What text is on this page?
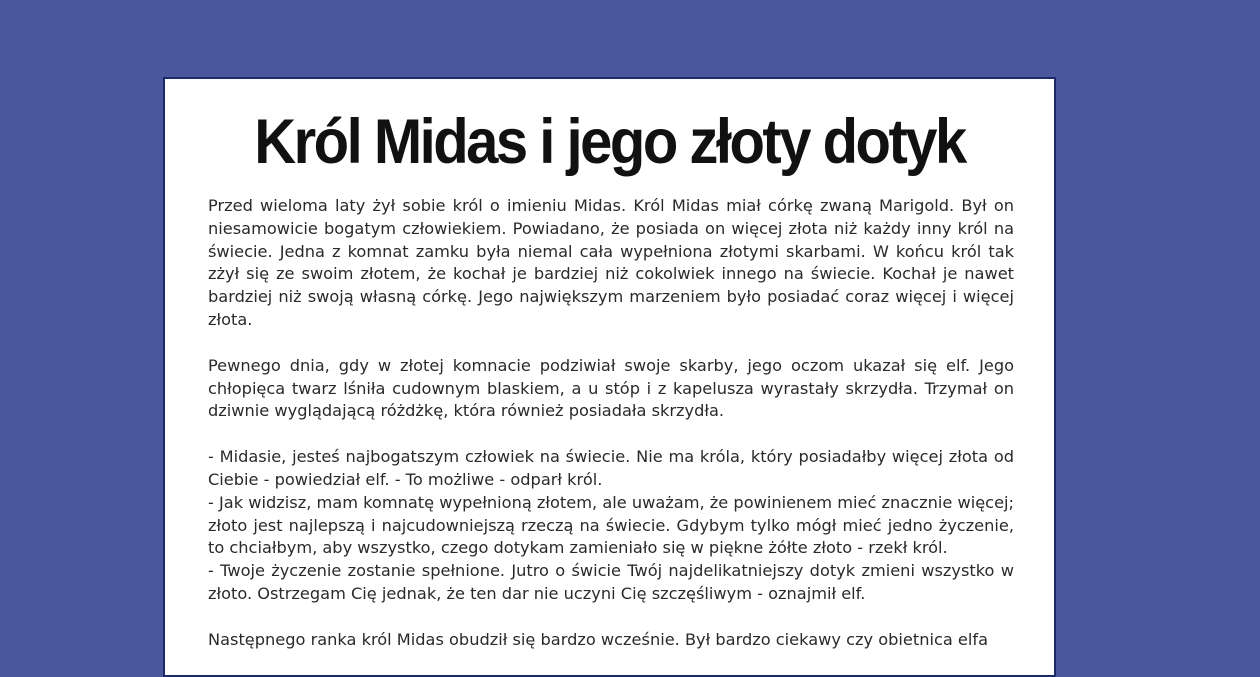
Król Midas i jego złoty dotyk

Przed wieloma laty żył sobie król o imieniu Midas. Król Midas miał córkę zwaną Marigold. Był on niesamowicie bogatym człowiekiem. Powiadano, że posiada on więcej złota niż każdy inny król na świecie. Jedna z komnat zamku była niemal cała wypełniona złotymi skarbami. W końcu król tak zżył się ze swoim złotem, że kochał je bardziej niż cokolwiek innego na świecie. Kochał je nawet bardziej niż swoją własną córkę. Jego największym marzeniem było posiadać coraz więcej i więcej złota.

Pewnego dnia, gdy w złotej komnacie podziwiał swoje skarby, jego oczom ukazał się elf. Jego chłopięca twarz lśniła cudownym blaskiem, a u stóp i z kapelusza wyrastały skrzydła. Trzymał on dziwnie wyglądającą różdżkę, która również posiadała skrzydła.

- Midasie, jesteś najbogatszym człowiek na świecie. Nie ma króla, który posiadałby więcej złota od Ciebie - powiedział elf. - To możliwe - odparł król.

- Jak widzisz, mam komnatę wypełnioną złotem, ale uważam, że powinienem mieć znacznie więcej; złoto jest najlepszą i najcudowniejszą rzeczą na świecie. Gdybym tylko mógł mieć jedno życzenie, to chciałbym, aby wszystko, czego dotykam zamieniało się w piękne żółte złoto - rzekł król.

- Twoje życzenie zostanie spełnione. Jutro o świcie Twój najdelikatniejszy dotyk zmieni wszystko w złoto. Ostrzegam Cię jednak, że ten dar nie uczyni Cię szczęśliwym - oznajmił elf.

Następnego ranka król Midas obudził się bardzo wcześnie. Był bardzo ciekawy czy obietnica elfa
